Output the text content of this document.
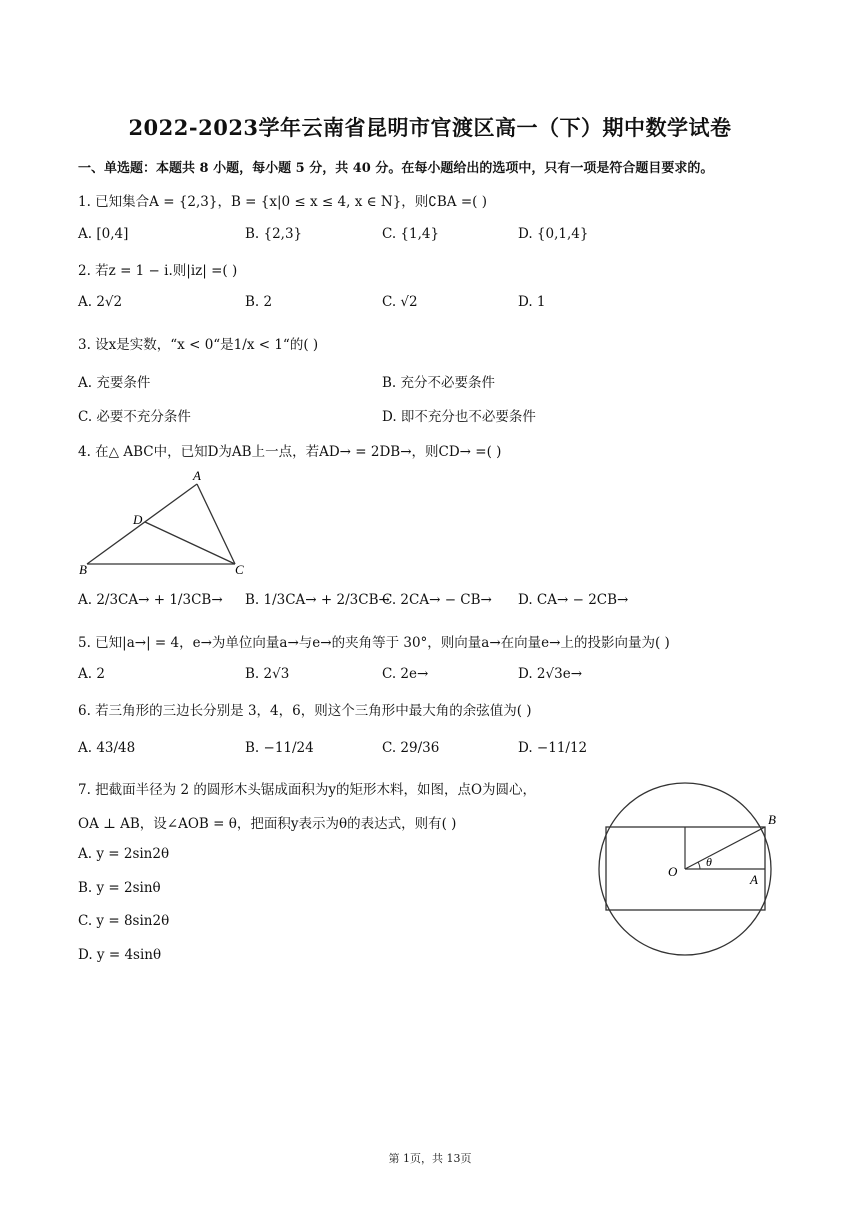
2022-2023学年云南省昆明市官渡区高一（下）期中数学试卷
一、单选题：本题共 8 小题，每小题 5 分，共 40 分。在每小题给出的选项中，只有一项是符合题目要求的。
1. 已知集合A = {2,3}，B = {x|0 ≤ x ≤ 4, x ∈ N}，则∁BA =( )
A. [0,4]	B. {2,3}	C. {1,4}	D. {0,1,4}
2. 若z = 1 − i.则|iz| =( )
A. 2√2	B. 2	C. √2	D. 1
3. 设x是实数，“x < 0“是1/x < 1“的( )
A. 充要条件	B. 充分不必要条件
C. 必要不充分条件	D. 即不充分也不必要条件
4. 在△ ABC中，已知D为AB上一点，若AD→ = 2DB→，则CD→ =( )
A
B	C
D
A. 2/3CA→ + 1/3CB→ B. 1/3CA→ + 2/3CB→
C. 2CA→ − CB→ D. CA→ − 2CB→
5. 已知|a→| = 4，e→为单位向量a→与e→的夹角等于 30°，则向量a→在向量e→上的投影向量为( )
A. 2	B. 2√3	C. 2e→	D. 2√3e→
6. 若三角形的三边长分别是 3，4，6，则这个三角形中最大角的余弦值为( )
A. 43/48	B. −11/24	C. 29/36	D. −11/12
7. 把截面半径为 2 的圆形木头锯成面积为y的矩形木料，如图，点O为圆心，
OA ⊥ AB，设∠AOB = θ，把面积y表示为θ的表达式，则有( )
A. y = 2sin2θ
B. y = 2sinθ
C. y = 8sin2θ
D. y = 4sinθ
B
O
A
θ
第 1页，共 13页
